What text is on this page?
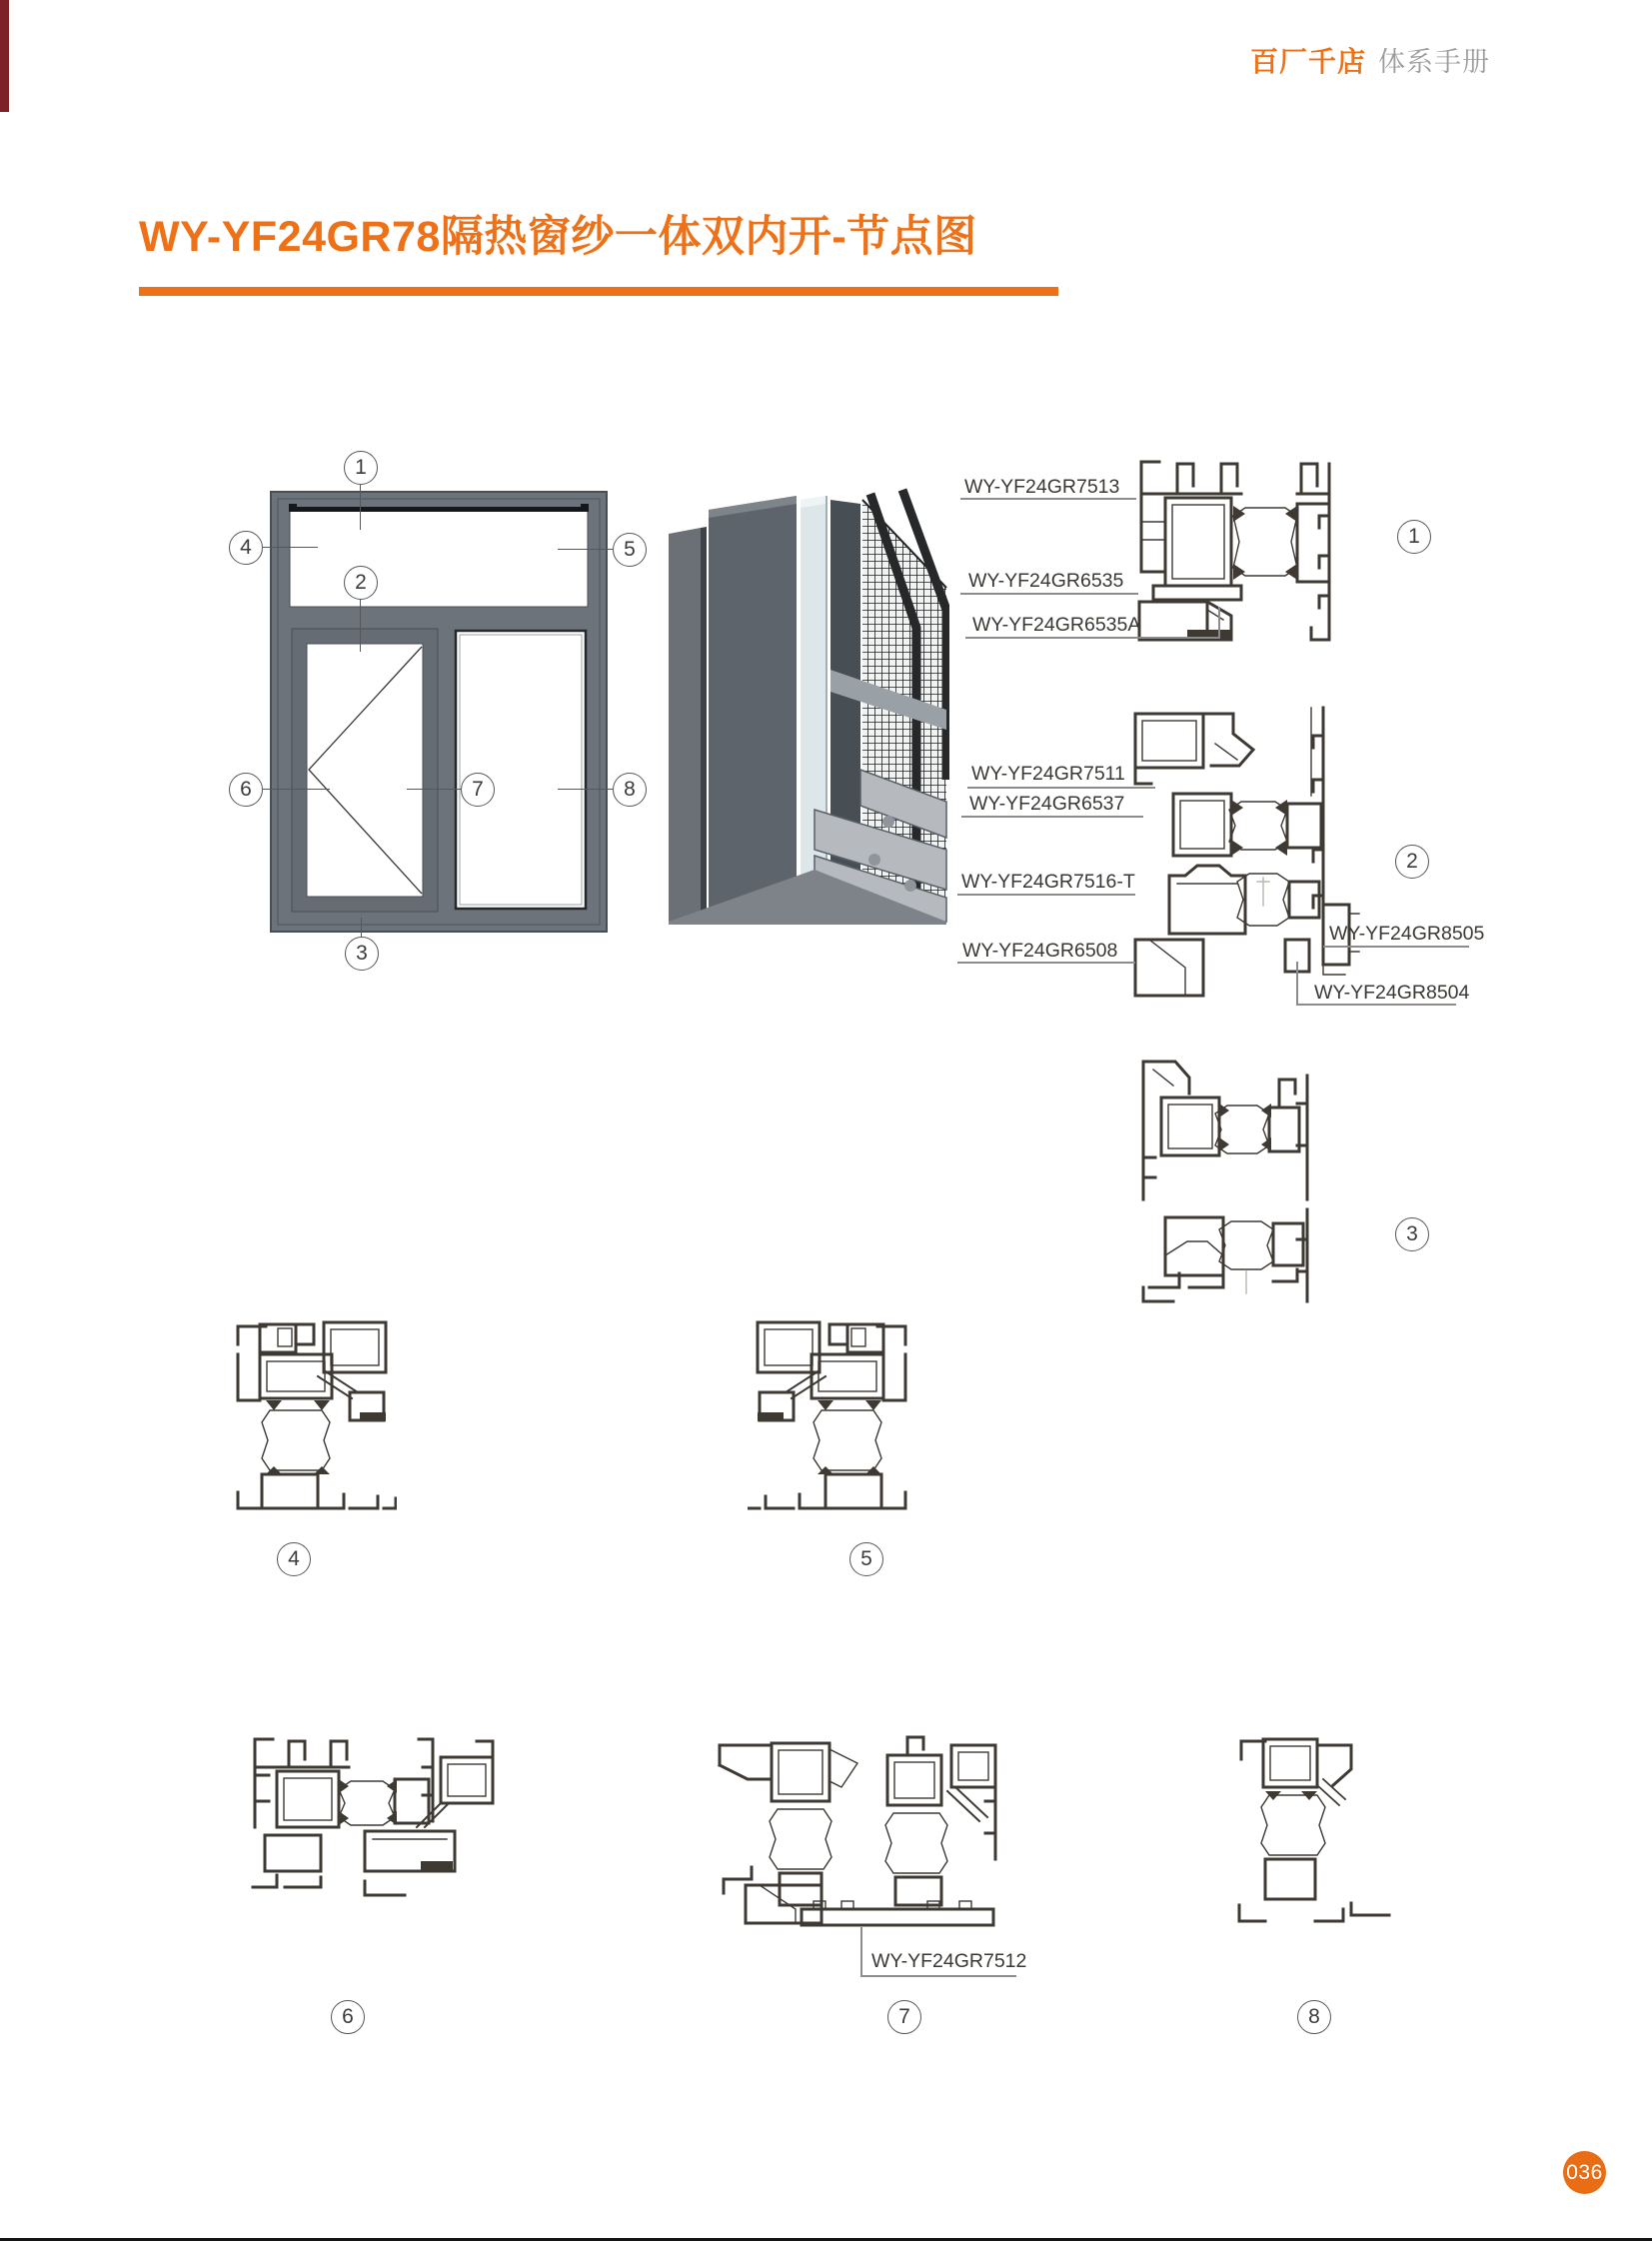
百厂千店 体系手册
WY-YF24GR78隔热窗纱一体双内开-节点图
1
4	5
2
6	7	8
3
WY-YF24GR7513
WY-YF24GR6535
WY-YF24GR6535A
WY-YF24GR7511
WY-YF24GR6537
WY-YF24GR7516-T
WY-YF24GR6508
WY-YF24GR8505
WY-YF24GR8504
WY-YF24GR7512
1
2
3
4	5
6	7	8
036
